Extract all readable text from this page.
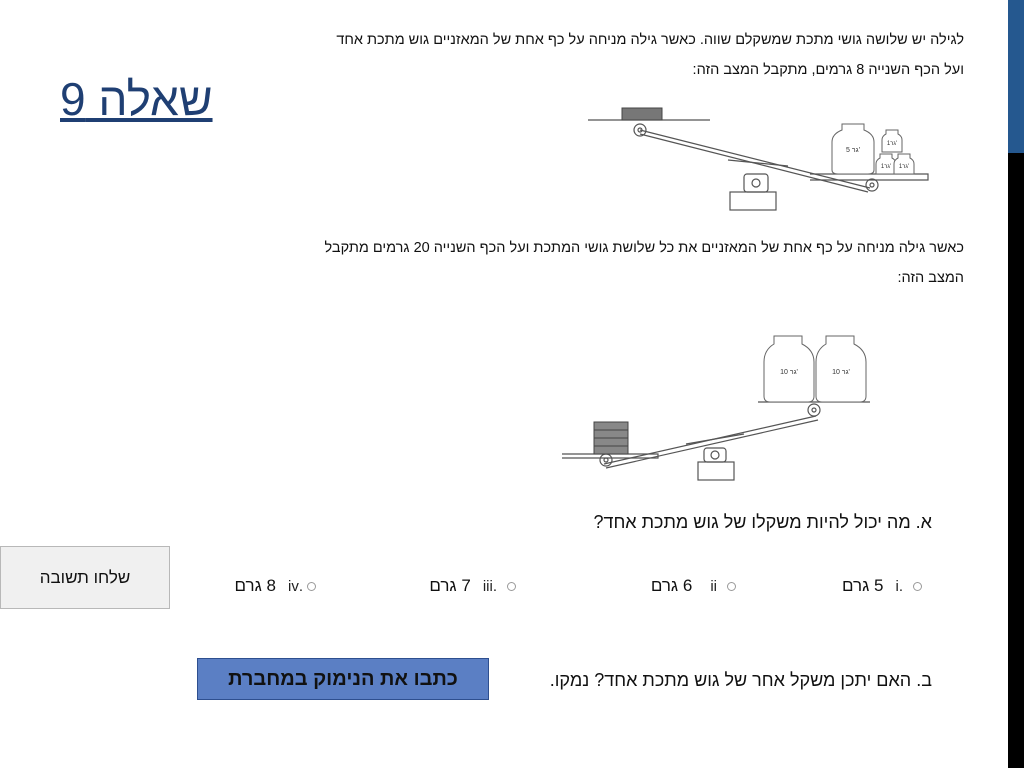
שאלה 9
לגילה יש שלושה גושי מתכת שמשקלם שווה. כאשר גילה מניחה על כף אחת של המאזניים גוש מתכת אחד ועל הכף השנייה 8 גרמים, מתקבל המצב הזה:
5 גר'
1גר'
1גר' 1גר'
כאשר גילה מניחה על כף אחת של המאזניים את כל שלושת גושי המתכת ועל הכף השנייה 20 גרמים מתקבל המצב הזה:
10 גר'	10 גר'
א. מה יכול להיות משקלו של גוש מתכת אחד?
שלחו תשובה	.i
5 גרם
ii
6 גרם
.iii
7 גרם
.iv
8 גרם
כתבו את הנימוק במחברת	ב. האם יתכן משקל אחר של גוש מתכת אחד? נמקו.
